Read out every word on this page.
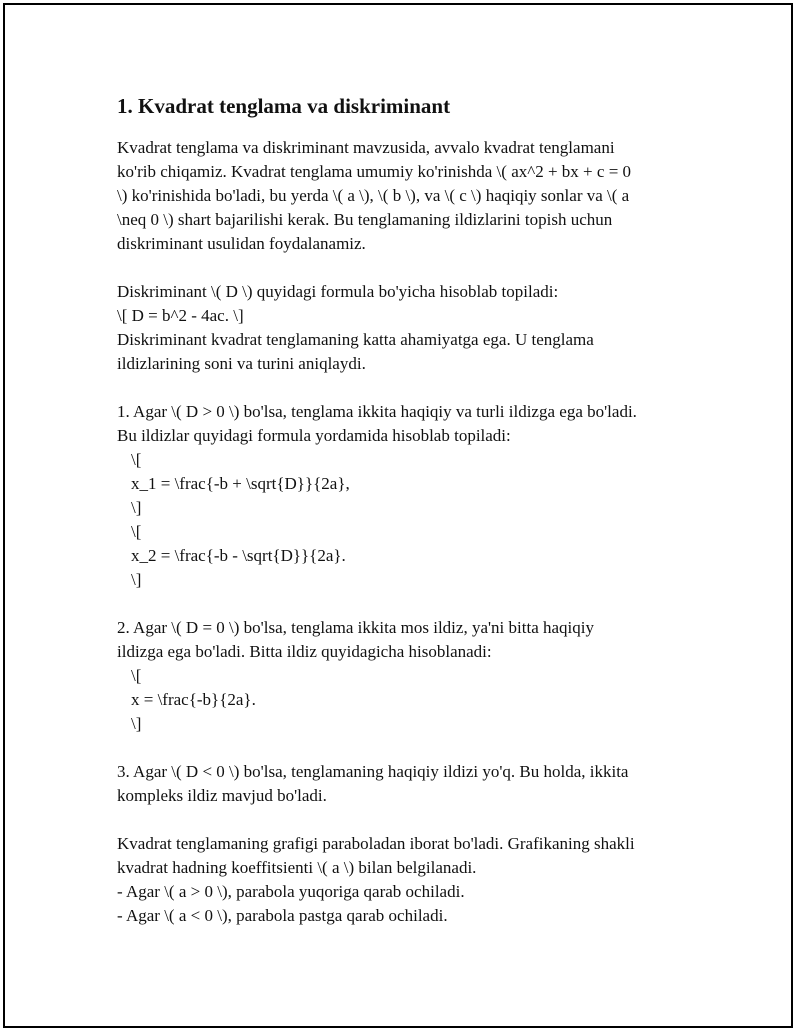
1. Kvadrat tenglama va diskriminant

Kvadrat tenglama va diskriminant mavzusida, avvalo kvadrat tenglamani
ko'rib chiqamiz. Kvadrat tenglama umumiy ko'rinishda \( ax^2 + bx + c = 0
\) ko'rinishida bo'ladi, bu yerda \( a \), \( b \), va \( c \) haqiqiy sonlar va \( a
\neq 0 \) shart bajarilishi kerak. Bu tenglamaning ildizlarini topish uchun
diskriminant usulidan foydalanamiz.

Diskriminant \( D \) quyidagi formula bo'yicha hisoblab topiladi:
\[ D = b^2 - 4ac. \]
Diskriminant kvadrat tenglamaning katta ahamiyatga ega. U tenglama
ildizlarining soni va turini aniqlaydi.

1. Agar \( D > 0 \) bo'lsa, tenglama ikkita haqiqiy va turli ildizga ega bo'ladi.
Bu ildizlar quyidagi formula yordamida hisoblab topiladi:

\[
x_1 = \frac{-b + \sqrt{D}}{2a},
\]
\[
x_2 = \frac{-b - \sqrt{D}}{2a}.
\]

2. Agar \( D = 0 \) bo'lsa, tenglama ikkita mos ildiz, ya'ni bitta haqiqiy
ildizga ega bo'ladi. Bitta ildiz quyidagicha hisoblanadi:

\[
x = \frac{-b}{2a}.
\]

3. Agar \( D < 0 \) bo'lsa, tenglamaning haqiqiy ildizi yo'q. Bu holda, ikkita
kompleks ildiz mavjud bo'ladi.

Kvadrat tenglamaning grafigi paraboladan iborat bo'ladi. Grafikaning shakli
kvadrat hadning koeffitsienti \( a \) bilan belgilanadi.
- Agar \( a > 0 \), parabola yuqoriga qarab ochiladi.
- Agar \( a < 0 \), parabola pastga qarab ochiladi.
